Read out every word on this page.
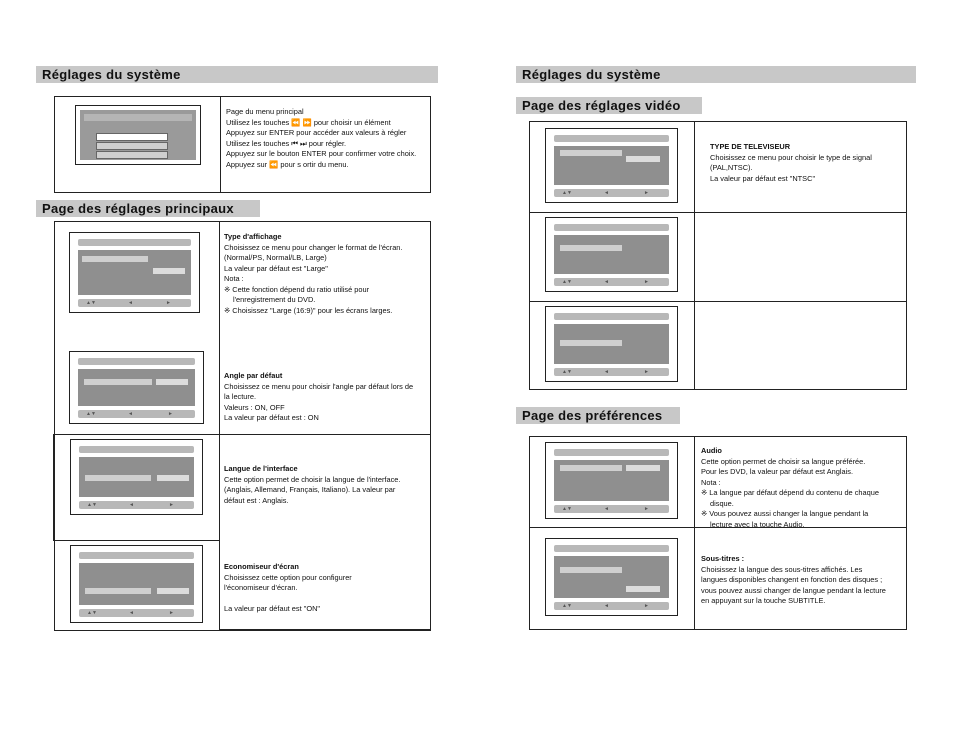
Réglages du système
Page du menu principal
Utilisez les touches ⏪ ⏩ pour choisir un élément
Appuyez sur ENTER pour accéder aux valeurs à régler
Utilisez les touches ⏮ ⏭ pour régler.
Appuyez sur le bouton ENTER pour confirmer votre choix.
Appuyez sur ⏪ pour s ortir du menu.
Page des réglages principaux
Type d'affichage
Choisissez ce menu pour changer le format de l'écran.
(Normal/PS, Normal/LB, Large)
La valeur par défaut est "Large"
Nota :
※ Cette fonction dépend du ratio utilisé pour
l'enregistrement du DVD.
※ Choisissez "Large (16:9)" pour les écrans larges.
▲▼	◄	►
Angle par défaut
Choisissez ce menu pour choisir l'angle par défaut lors de
la lecture.
Valeurs : ON, OFF
La valeur par défaut est : ON
▲▼	◄	►
Langue de l'interface
Cette option permet de choisir la langue de l'interface.
(Anglais, Allemand, Français, Italiano). La valeur par
défaut est : Anglais.
▲▼	◄	►
Economiseur d'écran
Choisissez cette option pour configurer
l'économiseur d'écran.
La valeur par défaut est "ON"
▲▼	◄	►
Réglages du système
Page des réglages vidéo
TYPE DE TELEVISEUR
Choisissez ce menu pour choisir le type de signal
(PAL,NTSC).
La valeur par défaut est "NTSC"
▲▼	◄	►
▲▼	◄	►
▲▼	◄	►
Page des préférences
Audio
Cette option permet de choisir sa langue préférée.
Pour les DVD, la valeur par défaut est Anglais.
Nota :
※ La langue par défaut dépend du contenu de chaque
disque.
※ Vous pouvez aussi changer la langue pendant la
lecture avec la touche Audio.
Sous-titres :
Choisissez la langue des sous-titres affichés. Les
langues disponibles changent en fonction des disques ;
vous pouvez aussi changer de langue pendant la lecture
en appuyant sur la touche SUBTITLE.
▲▼	◄	►
▲▼	◄	►
